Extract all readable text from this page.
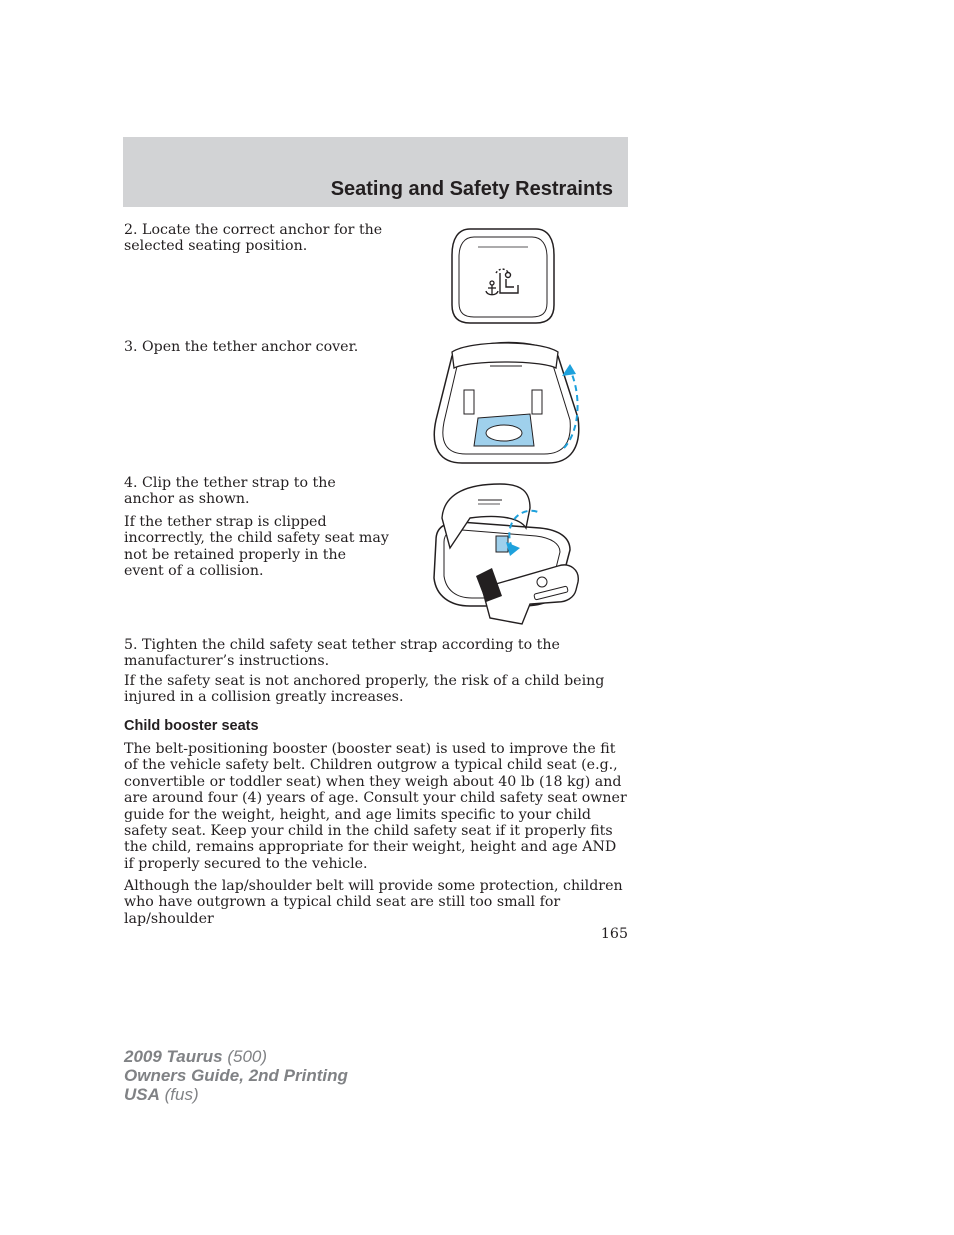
Seating and Safety Restraints

2. Locate the correct anchor for the selected seating position.

3. Open the tether anchor cover.

4. Clip the tether strap to the anchor as shown.

If the tether strap is clipped incorrectly, the child safety seat may not be retained properly in the event of a collision.

5. Tighten the child safety seat tether strap according to the manufacturer’s instructions.

If the safety seat is not anchored properly, the risk of a child being injured in a collision greatly increases.

Child booster seats

The belt-positioning booster (booster seat) is used to improve the fit of the vehicle safety belt. Children outgrow a typical child seat (e.g., convertible or toddler seat) when they weigh about 40 lb (18 kg) and are around four (4) years of age. Consult your child safety seat owner guide for the weight, height, and age limits specific to your child safety seat. Keep your child in the child safety seat if it properly fits the child, remains appropriate for their weight, height and age AND if properly secured to the vehicle.

Although the lap/shoulder belt will provide some protection, children who have outgrown a typical child seat are still too small for lap/shoulder

165
2009 Taurus (500)
Owners Guide, 2nd Printing
USA (fus)
